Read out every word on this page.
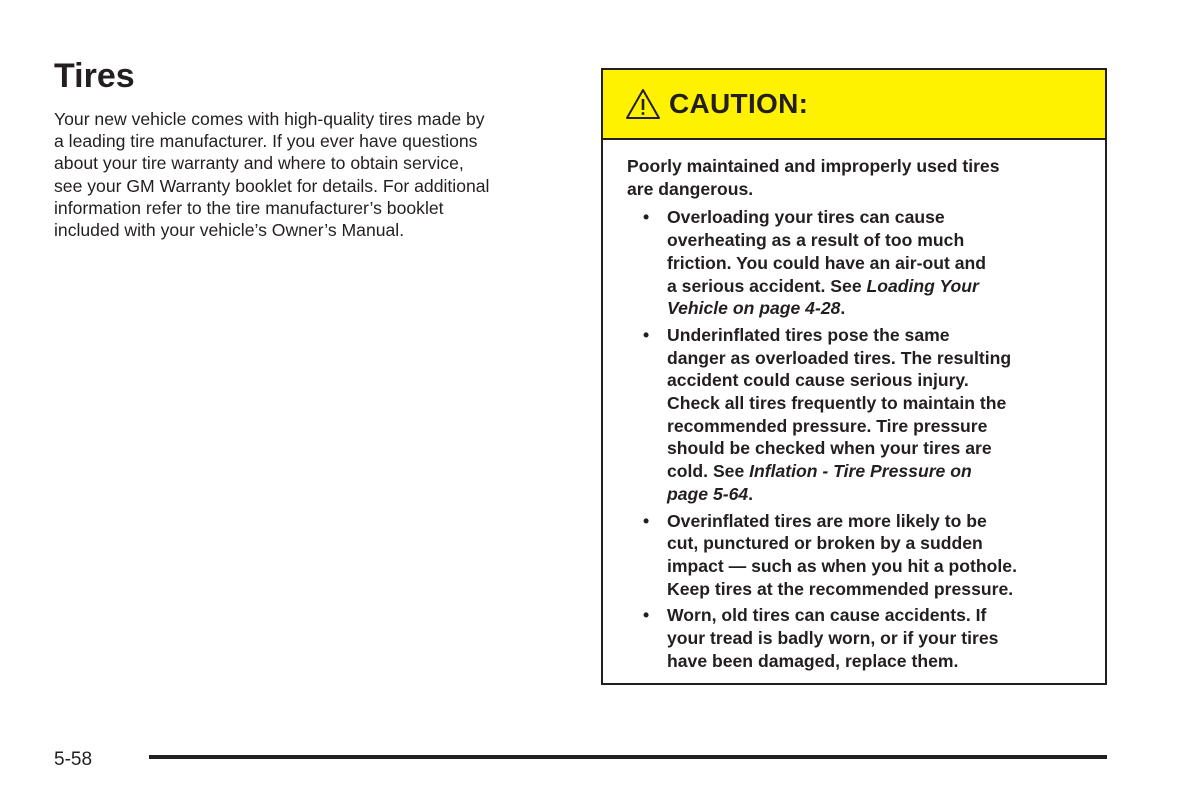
Tires

Your new vehicle comes with high-quality tires made by
a leading tire manufacturer. If you ever have questions
about your tire warranty and where to obtain service,
see your GM Warranty booklet for details. For additional
information refer to the tire manufacturer’s booklet
included with your vehicle’s Owner’s Manual.

CAUTION:
Poorly maintained and improperly used tires
are dangerous.
• Overloading your tires can cause
overheating as a result of too much
friction. You could have an air-out and
a serious accident. See Loading Your
Vehicle on page 4-28.
• Underinflated tires pose the same
danger as overloaded tires. The resulting
accident could cause serious injury.
Check all tires frequently to maintain the
recommended pressure. Tire pressure
should be checked when your tires are
cold. See Inflation - Tire Pressure on
page 5-64.
• Overinflated tires are more likely to be
cut, punctured or broken by a sudden
impact — such as when you hit a pothole.
Keep tires at the recommended pressure.
• Worn, old tires can cause accidents. If
your tread is badly worn, or if your tires
have been damaged, replace them.
5-58
